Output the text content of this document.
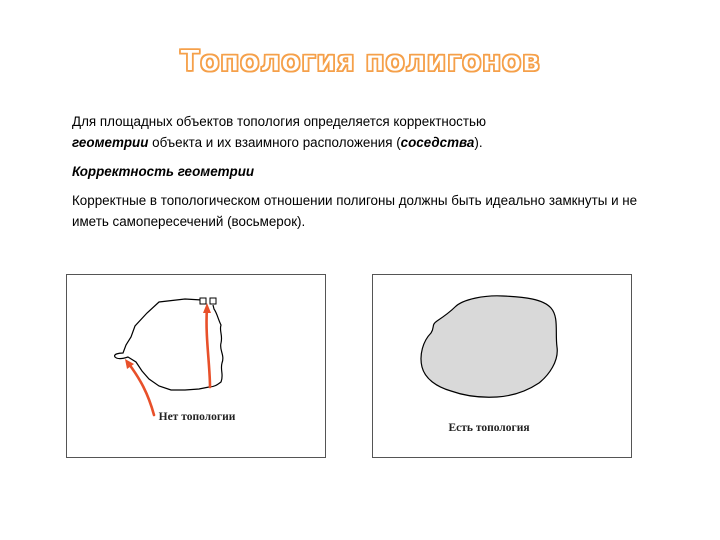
Топология полигонов

Для площадных объектов топология определяется корректностью
геометрии объекта и их взаимного расположения (соседства).

Корректность геометрии

Корректные в топологическом отношении полигоны должны быть идеально замкнуты и не иметь самопересечений (восьмерок).

Нет топологии
Есть топология
